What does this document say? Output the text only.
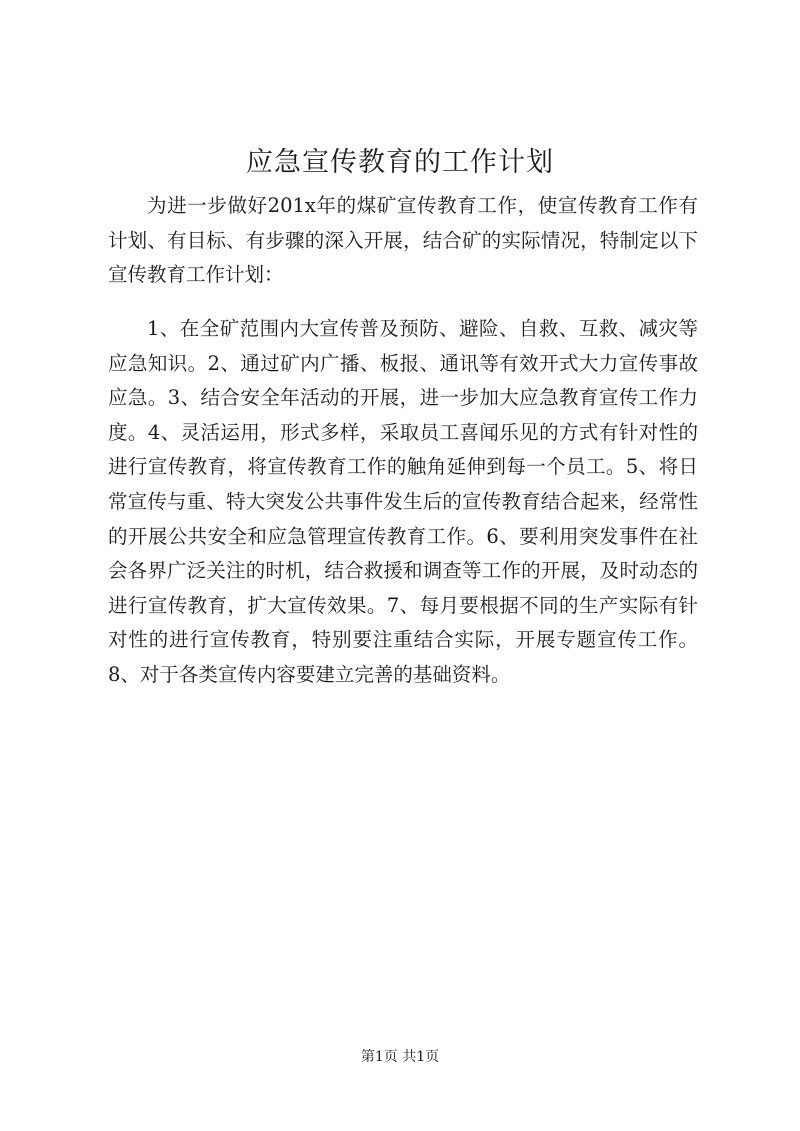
应急宣传教育的工作计划

为进一步做好201x年的煤矿宣传教育工作，使宣传教育工作有计划、有目标、有步骤的深入开展，结合矿的实际情况，特制定以下宣传教育工作计划：

1、在全矿范围内大宣传普及预防、避险、自救、互救、减灾等应急知识。2、通过矿内广播、板报、通讯等有效开式大力宣传事故应急。3、结合安全年活动的开展，进一步加大应急教育宣传工作力度。4、灵活运用，形式多样，采取员工喜闻乐见的方式有针对性的进行宣传教育，将宣传教育工作的触角延伸到每一个员工。5、将日常宣传与重、特大突发公共事件发生后的宣传教育结合起来，经常性的开展公共安全和应急管理宣传教育工作。6、要利用突发事件在社会各界广泛关注的时机，结合救援和调查等工作的开展，及时动态的进行宣传教育，扩大宣传效果。7、每月要根据不同的生产实际有针对性的进行宣传教育，特别要注重结合实际，开展专题宣传工作。8、对于各类宣传内容要建立完善的基础资料。

第1页 共1页
